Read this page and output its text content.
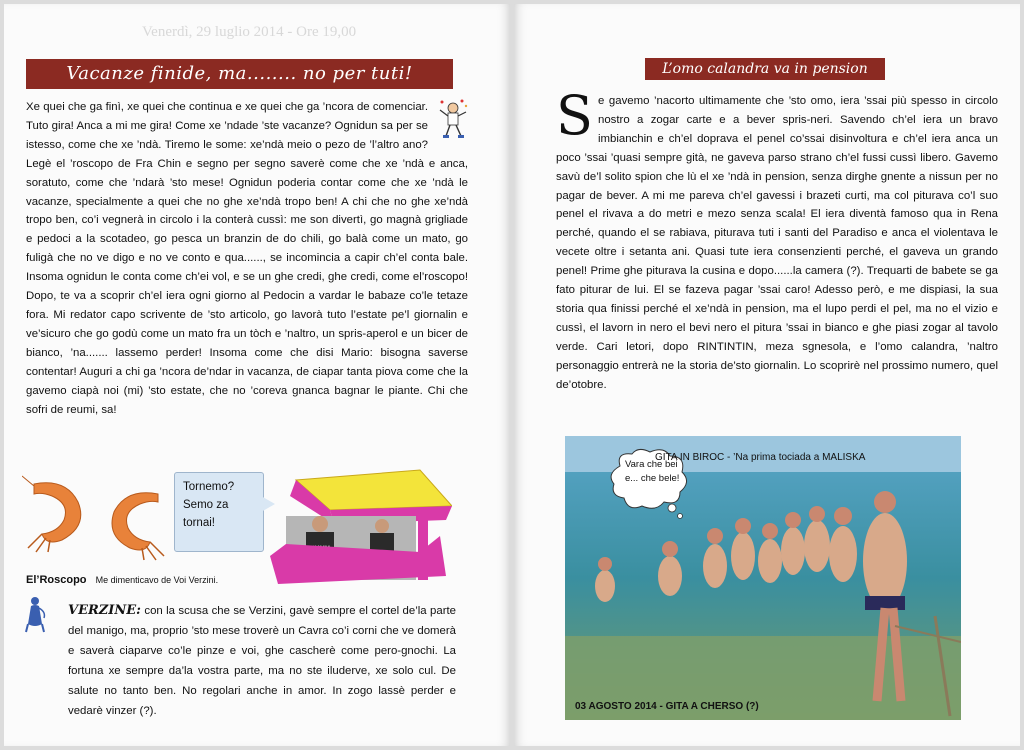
Venerdì, 29 luglio 2014 - Ore 19,00
Vacanze finide, ma........ no per tuti!
Xe quei che ga finì, xe quei che continua e xe quei che ga ’ncora de comenciar. Tuto gira! Anca a mi me gira! Come xe ’ndade ’ste vacanze? Ognidun sa per se istesso, come che xe ’ndà. Tiremo le some: xe’ndà meio o pezo de ’l’altro ano? Legè el ’roscopo de Fra Chin e segno per segno saverè come che xe ’ndà e anca, soratuto, come che ’ndarà ’sto mese! Ognidun poderia contar come che xe ’ndà le vacanze, specialmente a quei che no ghe xe’ndà tropo ben! A chi che no ghe xe’ndà tropo ben, co’i vegnerà in circolo i la conterà cussì: me son divertì, go magnà grigliade e pedoci a la scotadeo, go pesca un branzin de do chili, go balà come un mato, go fuligà che no ve digo e no ve conto e qua......, se incomincia a capir ch’el conta bale. Insoma ognidun le conta come ch’ei vol, e se un ghe credi, ghe credi, come el’roscopo! Dopo, te va a scoprir ch’el iera ogni giorno al Pedocin a vardar le babaze co’le tetaze fora. Mi redator capo scrivente de ’sto articolo, go lavorà tuto l’estate pe’l giornalin e ve’sicuro che go godù come un mato fra un tòch e ’naltro, un spris-aperol e un bicer de bianco, ’na....... lassemo perder! Insoma come che disi Mario: bisogna saverse contentar! Auguri a chi ga ’ncora de’ndar in vacanza, de ciapar tanta piova come che la gavemo ciapà noi (mi) ’sto estate, che no ’coreva gnanca bagnar le piante. Chi che sofri de reumi, sa!
Tornemo? Semo za tornai!
El’Roscopo Me dimenticavo de Voi Verzini.

VERZINE: con la scusa che se Verzini, gavè sempre el cortel de’la parte del manigo, ma, proprio ’sto mese troverè un Cavra co’i corni che ve domerà e saverà ciaparve co’le pinze e voi, ghe cascherè come pero-gnochi. La fortuna xe sempre da’la vostra parte, ma no ste iluderve, xe solo cul. De salute no tanto ben. No regolari anche in amor. In zogo lassè perder e vedarè vinzer (?).

L’omo calandra va in pension
S e gavemo ’nacorto ultimamente che ’sto omo, iera ’ssai più spesso in circolo nostro a zogar carte e a bever spris-neri. Savendo ch’el iera un bravo imbianchin e ch’el doprava el penel co’ssai disinvoltura e ch’el iera anca un poco ’ssai ’quasi sempre gità, ne gaveva parso strano ch’el fussi cussì libero. Gavemo savù de’l solito spion che lù el xe ’ndà in pension, senza dirghe gnente a nissun per no pagar de bever. A mi me pareva ch’el gavessi i brazeti curti, ma col piturava co’l suo penel el rivava a do metri e mezo senza scala! El iera diventà famoso qua in Rena perché, quando el se rabiava, piturava tuti i santi del Paradiso e anca el violentava le vecete oltre i setanta ani. Quasi tute iera consenzienti perché, el gaveva un grando penel! Prime ghe piturava la cusina e dopo......la camera (?). Trequarti de babete se ga fato piturar de lui. El se fazeva pagar ’ssai caro! Adesso però, e me dispiasi, la sua storia qua finissi perché el xe’ndà in pension, ma el lupo perdi el pel, ma no el vizio e cussì, el lavorn in nero el bevi nero el pitura ’ssai in bianco e ghe piasi zogar al tavolo verde. Cari letori, dopo RINTINTIN, meza sgnesola, e l’omo calandra, ’naltro personaggio entrerà ne la storia de’sto giornalin. Lo scoprirè nel prossimo numero, quel de’otobre.
Vara che bei e... che bele!
GITA IN BIROC - ’Na prima tociada a MALISKA
03 AGOSTO 2014 - GITA A CHERSO (?)
